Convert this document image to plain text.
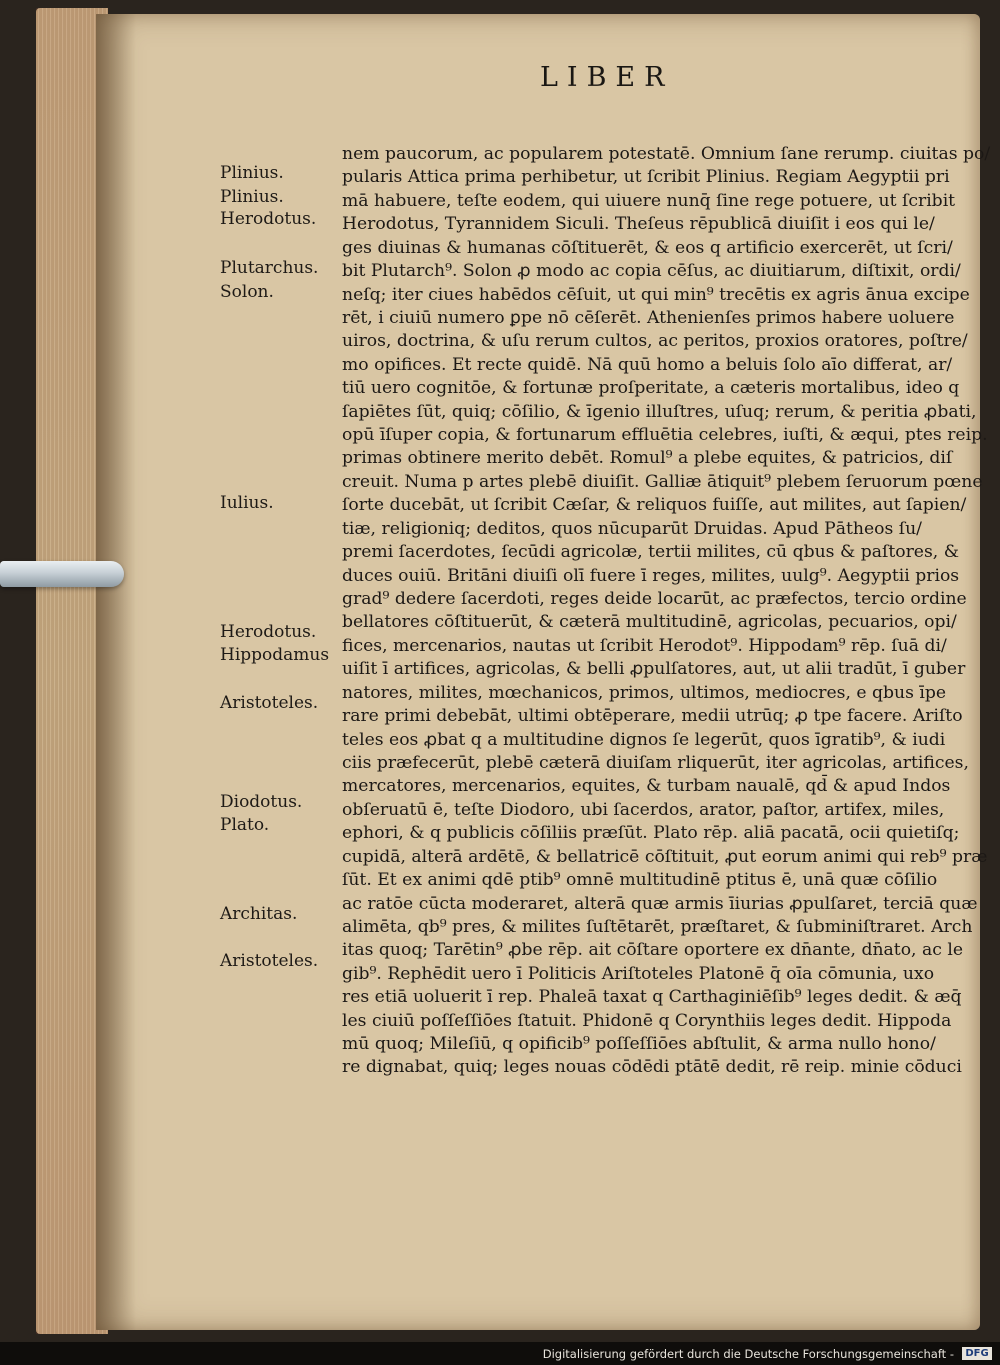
LIBER
Plinius.
Plinius.
Herodotus.
Plutarchus.
Solon.
Iulius.
Herodotus.
Hippodamus
Aristoteles.
Diodotus.
Plato.
Architas.
Aristoteles.
nem paucorum, ac popularem potestatē. Omnium ſane rerump. ciuitas po/
pularis Attica prima perhibetur, ut ſcribit Plinius. Regiam Aegyptii pri
mā habuere, teſte eodem, qui uiuere nunq̄ ſine rege potuere, ut ſcribit
Herodotus, Tyrannidem Siculi. Theſeus rēpublicā diuiſit i eos qui le/
ges diuinas & humanas cōſtituerēt, & eos q artificio exercerēt, ut ſcri/
bit Plutarch⁹. Solon ꝓ modo ac copia cēſus, ac diuitiarum, diſtixit, ordi/
neſq; iter ciues habēdos cēſuit, ut qui min⁹ trecētis ex agris ānua excipe
rēt, i ciuiū numero ꝑpe nō cēſerēt. Athenienſes primos habere uoluere
uiros, doctrina, & uſu rerum cultos, ac peritos, proxios oratores, poſtre/
mo opifices. Et recte quidē. Nā quū homo a beluis ſolo aīo differat, ar/
tiū uero cognitōe, & fortunæ proſperitate, a cæteris mortalibus, ideo q
ſapiētes ſūt, quiq; cōſilio, & īgenio illuſtres, uſuq; rerum, & peritia ꝓbati,
opū īſuper copia, & fortunarum effluētia celebres, iuſti, & æqui, ptes reip.
primas obtinere merito debēt. Romul⁹ a plebe equites, & patricios, diſ
creuit. Numa p artes plebē diuiſit. Galliæ ātiquit⁹ plebem ſeruorum pœne
ſorte ducebāt, ut ſcribit Cæſar, & reliquos fuiſſe, aut milites, aut ſapien/
tiæ, religioniq; deditos, quos nūcuparūt Druidas. Apud Pātheos ſu/
premi ſacerdotes, ſecūdi agricolæ, tertii milites, cū qbus & paſtores, &
duces ouiū. Britāni diuiſi olī fuere ī reges, milites, uulg⁹. Aegyptii prios
grad⁹ dedere ſacerdoti, reges deide locarūt, ac præfectos, tercio ordine
bellatores cōſtituerūt, & cæterā multitudinē, agricolas, pecuarios, opi/
fices, mercenarios, nautas ut ſcribit Herodot⁹. Hippodam⁹ rēp. ſuā di/
uiſit ī artifices, agricolas, & belli ꝓpulſatores, aut, ut alii tradūt, ī guber
natores, milites, mœchanicos, primos, ultimos, mediocres, e qbus īpe
rare primi debebāt, ultimi obtēperare, medii utrūq; ꝓ tpe facere. Ariſto
teles eos ꝓbat q a multitudine dignos ſe legerūt, quos īgratib⁹, & iudi
ciis præfecerūt, plebē cæterā diuiſam rliquerūt, iter agricolas, artifices,
mercatores, mercenarios, equites, & turbam naualē, qd̄ & apud Indos
obſeruatū ē, teſte Diodoro, ubi ſacerdos, arator, paſtor, artifex, miles,
ephori, & q publicis cōſiliis præſūt. Plato rēp. aliā pacatā, ocii quietiſq;
cupidā, alterā ardētē, & bellatricē cōſtituit, ꝓut eorum animi qui reb⁹ præ
ſūt. Et ex animi qdē ptib⁹ omnē multitudinē ptitus ē, unā quæ cōſilio
ac ratōe cūcta moderaret, alterā quæ armis īiurias ꝓpulſaret, terciā quæ
alimēta, qb⁹ pres, & milites ſuſtētarēt, præſtaret, & ſubminiſtraret. Arch
itas quoq; Tarētin⁹ ꝓbe rēp. ait cōſtare oportere ex dn̄ante, dn̄ato, ac le
gib⁹. Rephēdit uero ī Politicis Ariſtoteles Platonē q̄ oīa cōmunia, uxo
res etiā uoluerit ī rep. Phaleā taxat q Carthaginiēſib⁹ leges dedit. & æq̄
les ciuiū poſſeſſiōes ſtatuit. Phidonē q Corynthiis leges dedit. Hippoda
mū quoq; Mileſiū, q opificib⁹ poſſeſſiōes abſtulit, & arma nullo hono/
re dignabat, quiq; leges nouas cōdēdi ptātē dedit, rē reip. minie cōduci
Digitalisierung gefördert durch die Deutsche Forschungsgemeinschaft -	DFG
